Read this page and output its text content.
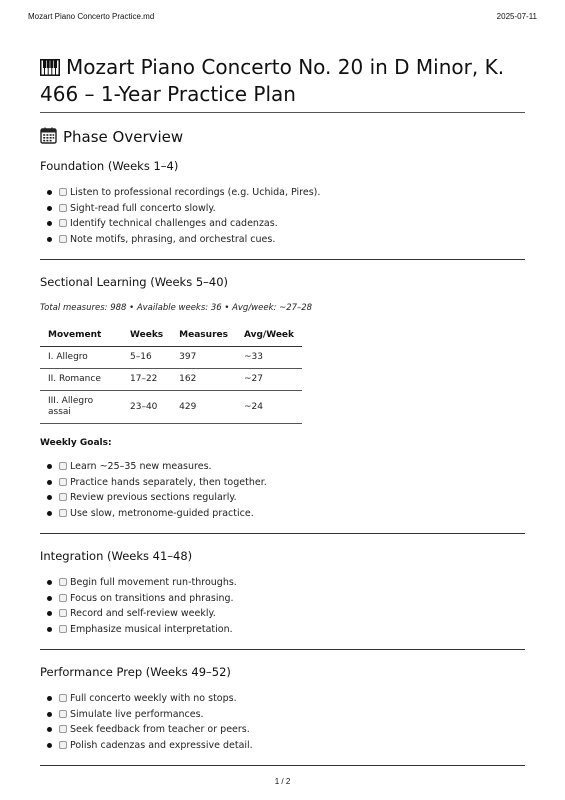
Mozart Piano Concerto Practice.md	2025-07-11
Mozart Piano Concerto No. 20 in D Minor, K. 466 – 1-Year Practice Plan
Phase Overview
Foundation (Weeks 1–4)
Listen to professional recordings (e.g. Uchida, Pires).
Sight-read full concerto slowly.
Identify technical challenges and cadenzas.
Note motifs, phrasing, and orchestral cues.
Sectional Learning (Weeks 5–40)
Total measures: 988 • Available weeks: 36 • Avg/week: ~27–28
Movement	Weeks	Measures	Avg/Week
I. Allegro	5–16	397	~33
II. Romance	17–22	162	~27
III. Allegro assai	23–40	429	~24
Weekly Goals:
Learn ~25–35 new measures.
Practice hands separately, then together.
Review previous sections regularly.
Use slow, metronome-guided practice.
Integration (Weeks 41–48)
Begin full movement run-throughs.
Focus on transitions and phrasing.
Record and self-review weekly.
Emphasize musical interpretation.
Performance Prep (Weeks 49–52)
Full concerto weekly with no stops.
Simulate live performances.
Seek feedback from teacher or peers.
Polish cadenzas and expressive detail.
1 / 2
